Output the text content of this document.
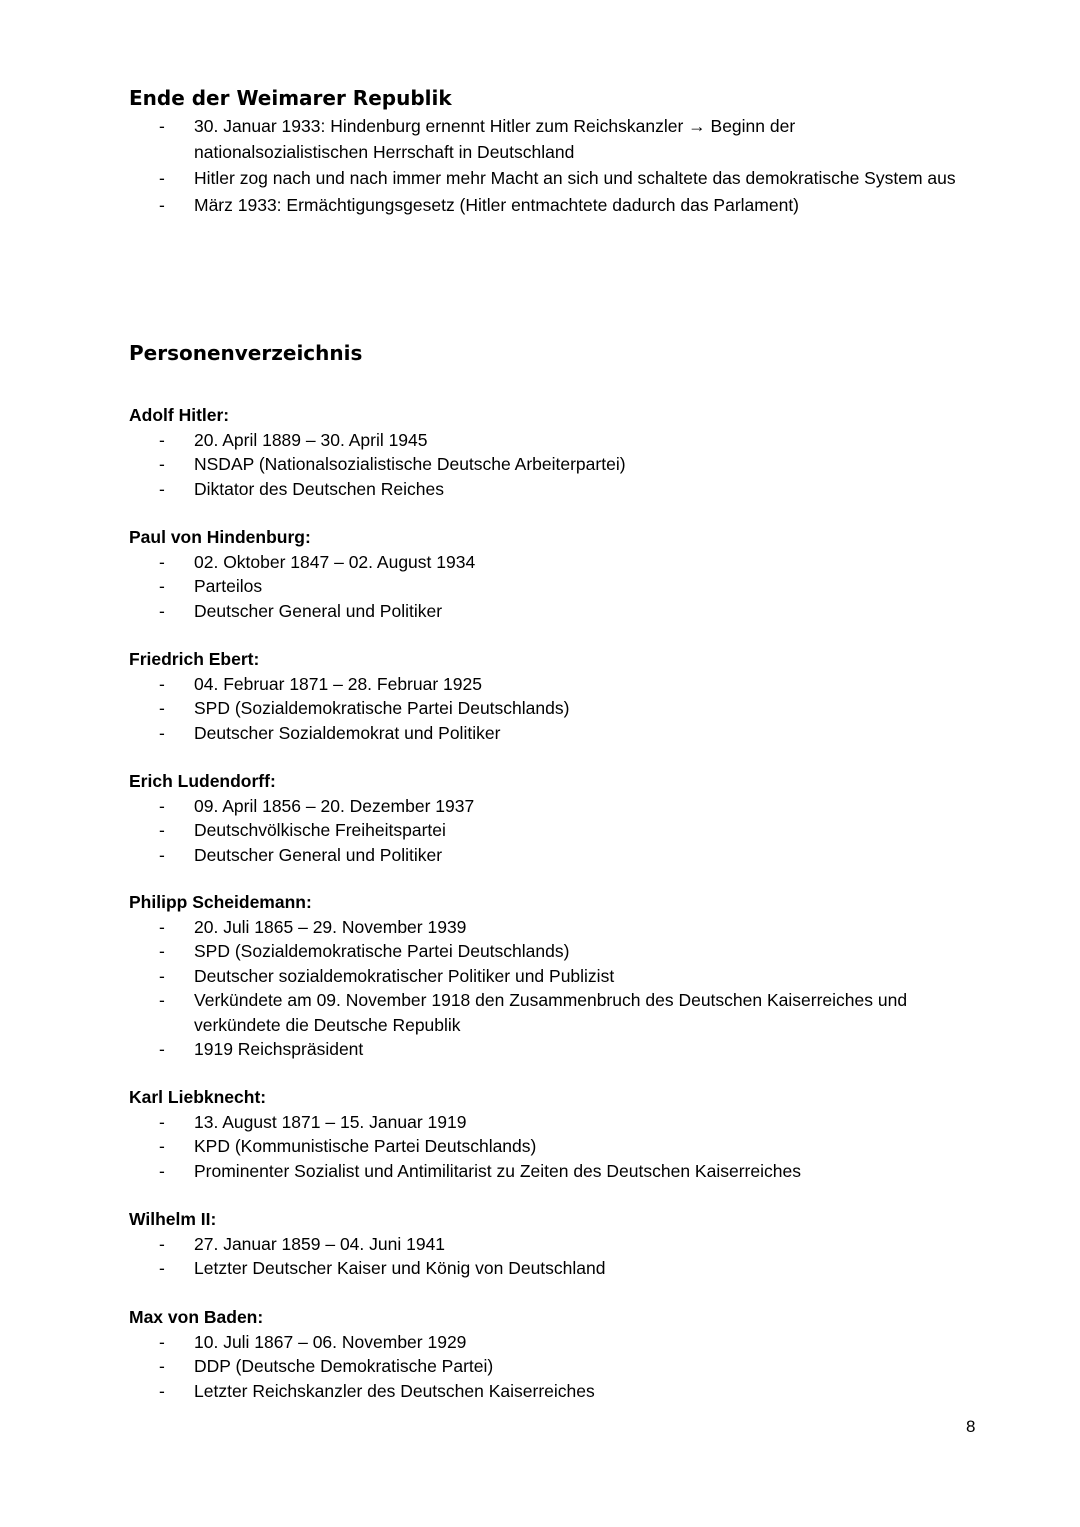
Ende der Weimarer Republik
- 30. Januar 1933: Hindenburg ernennt Hitler zum Reichskanzler → Beginn der nationalsozialistischen Herrschaft in Deutschland
- Hitler zog nach und nach immer mehr Macht an sich und schaltete das demokratische System aus
- März 1933: Ermächtigungsgesetz (Hitler entmachtete dadurch das Parlament)
Personenverzeichnis
Adolf Hitler:
- 20. April 1889 – 30. April 1945
- NSDAP (Nationalsozialistische Deutsche Arbeiterpartei)
- Diktator des Deutschen Reiches
Paul von Hindenburg:
- 02. Oktober 1847 – 02. August 1934
- Parteilos
- Deutscher General und Politiker
Friedrich Ebert:
- 04. Februar 1871 – 28. Februar 1925
- SPD (Sozialdemokratische Partei Deutschlands)
- Deutscher Sozialdemokrat und Politiker
Erich Ludendorff:
- 09. April 1856 – 20. Dezember 1937
- Deutschvölkische Freiheitspartei
- Deutscher General und Politiker
Philipp Scheidemann:
- 20. Juli 1865 – 29. November 1939
- SPD (Sozialdemokratische Partei Deutschlands)
- Deutscher sozialdemokratischer Politiker und Publizist
- Verkündete am 09. November 1918 den Zusammenbruch des Deutschen Kaiserreiches und verkündete die Deutsche Republik
- 1919 Reichspräsident
Karl Liebknecht:
- 13. August 1871 – 15. Januar 1919
- KPD (Kommunistische Partei Deutschlands)
- Prominenter Sozialist und Antimilitarist zu Zeiten des Deutschen Kaiserreiches
Wilhelm II:
- 27. Januar 1859 – 04. Juni 1941
- Letzter Deutscher Kaiser und König von Deutschland
Max von Baden:
- 10. Juli 1867 – 06. November 1929
- DDP (Deutsche Demokratische Partei)
- Letzter Reichskanzler des Deutschen Kaiserreiches
8
